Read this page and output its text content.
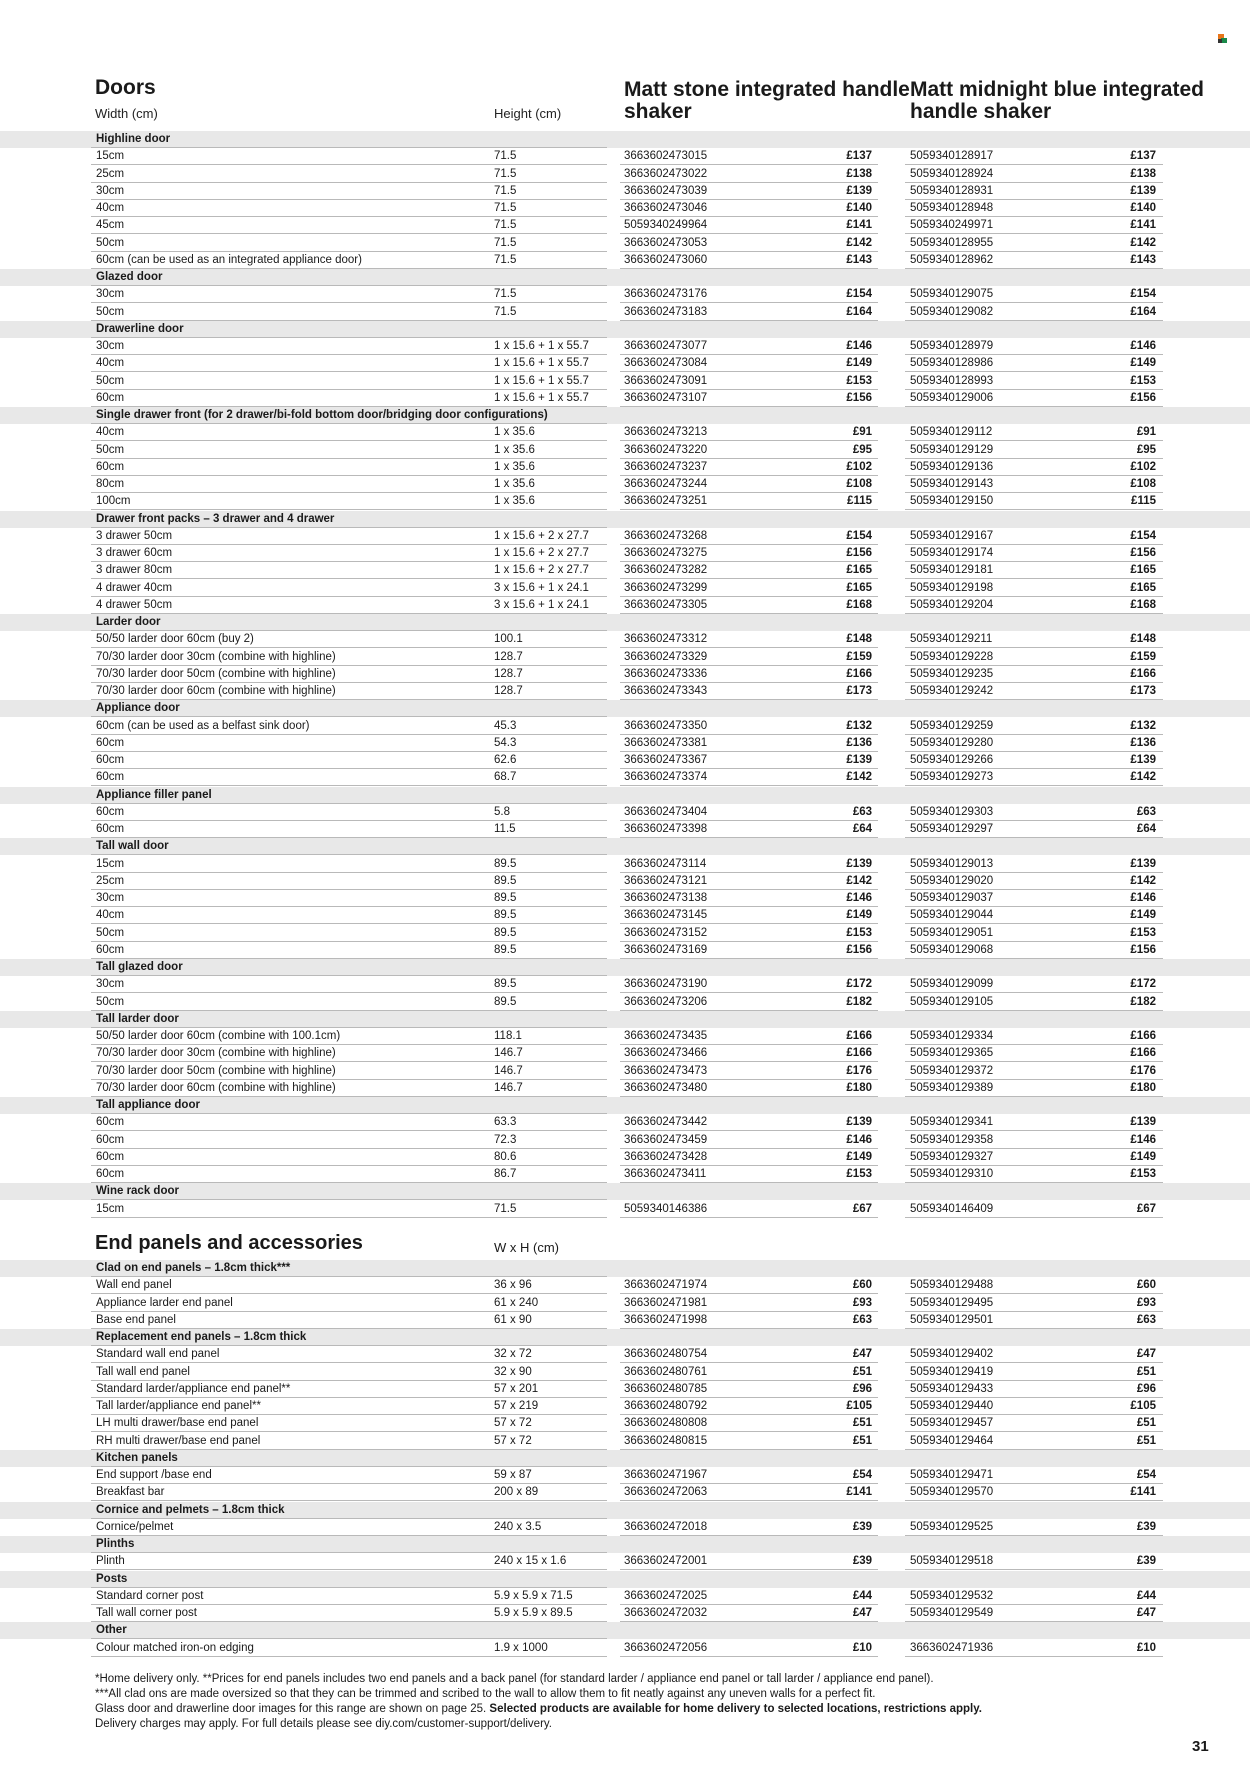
Doors
Width (cm)	Height (cm)
Matt stone integrated handle shaker
Matt midnight blue integrated handle shaker
Highline door
15cm	71.5	3663602473015	£137	5059340128917	£137
25cm	71.5	3663602473022	£138	5059340128924	£138
30cm	71.5	3663602473039	£139	5059340128931	£139
40cm	71.5	3663602473046	£140	5059340128948	£140
45cm	71.5	5059340249964	£141	5059340249971	£141
50cm	71.5	3663602473053	£142	5059340128955	£142
60cm (can be used as an integrated appliance door)	71.5	3663602473060	£143	5059340128962	£143
Glazed door
30cm	71.5	3663602473176	£154	5059340129075	£154
50cm	71.5	3663602473183	£164	5059340129082	£164
Drawerline door
30cm	1 x 15.6 + 1 x 55.7	3663602473077	£146	5059340128979	£146
40cm	1 x 15.6 + 1 x 55.7	3663602473084	£149	5059340128986	£149
50cm	1 x 15.6 + 1 x 55.7	3663602473091	£153	5059340128993	£153
60cm	1 x 15.6 + 1 x 55.7	3663602473107	£156	5059340129006	£156
Single drawer front (for 2 drawer/bi-fold bottom door/bridging door configurations)
40cm	1 x 35.6	3663602473213	£91	5059340129112	£91
50cm	1 x 35.6	3663602473220	£95	5059340129129	£95
60cm	1 x 35.6	3663602473237	£102	5059340129136	£102
80cm	1 x 35.6	3663602473244	£108	5059340129143	£108
100cm	1 x 35.6	3663602473251	£115	5059340129150	£115
Drawer front packs – 3 drawer and 4 drawer
3 drawer 50cm	1 x 15.6 + 2 x 27.7	3663602473268	£154	5059340129167	£154
3 drawer 60cm	1 x 15.6 + 2 x 27.7	3663602473275	£156	5059340129174	£156
3 drawer 80cm	1 x 15.6 + 2 x 27.7	3663602473282	£165	5059340129181	£165
4 drawer 40cm	3 x 15.6 + 1 x 24.1	3663602473299	£165	5059340129198	£165
4 drawer 50cm	3 x 15.6 + 1 x 24.1	3663602473305	£168	5059340129204	£168
Larder door
50/50 larder door 60cm (buy 2)	100.1	3663602473312	£148	5059340129211	£148
70/30 larder door 30cm (combine with highline)	128.7	3663602473329	£159	5059340129228	£159
70/30 larder door 50cm (combine with highline)	128.7	3663602473336	£166	5059340129235	£166
70/30 larder door 60cm (combine with highline)	128.7	3663602473343	£173	5059340129242	£173
Appliance door
60cm (can be used as a belfast sink door)	45.3	3663602473350	£132	5059340129259	£132
60cm	54.3	3663602473381	£136	5059340129280	£136
60cm	62.6	3663602473367	£139	5059340129266	£139
60cm	68.7	3663602473374	£142	5059340129273	£142
Appliance filler panel
60cm	5.8	3663602473404	£63	5059340129303	£63
60cm	11.5	3663602473398	£64	5059340129297	£64
Tall wall door
15cm	89.5	3663602473114	£139	5059340129013	£139
25cm	89.5	3663602473121	£142	5059340129020	£142
30cm	89.5	3663602473138	£146	5059340129037	£146
40cm	89.5	3663602473145	£149	5059340129044	£149
50cm	89.5	3663602473152	£153	5059340129051	£153
60cm	89.5	3663602473169	£156	5059340129068	£156
Tall glazed door
30cm	89.5	3663602473190	£172	5059340129099	£172
50cm	89.5	3663602473206	£182	5059340129105	£182
Tall larder door
50/50 larder door 60cm (combine with 100.1cm)	118.1	3663602473435	£166	5059340129334	£166
70/30 larder door 30cm (combine with highline)	146.7	3663602473466	£166	5059340129365	£166
70/30 larder door 50cm (combine with highline)	146.7	3663602473473	£176	5059340129372	£176
70/30 larder door 60cm (combine with highline)	146.7	3663602473480	£180	5059340129389	£180
Tall appliance door
60cm	63.3	3663602473442	£139	5059340129341	£139
60cm	72.3	3663602473459	£146	5059340129358	£146
60cm	80.6	3663602473428	£149	5059340129327	£149
60cm	86.7	3663602473411	£153	5059340129310	£153
Wine rack door
15cm	71.5	5059340146386	£67	5059340146409	£67
Clad on end panels – 1.8cm thick***
Wall end panel	36 x 96	3663602471974	£60	5059340129488	£60
Appliance larder end panel	61 x 240	3663602471981	£93	5059340129495	£93
Base end panel	61 x 90	3663602471998	£63	5059340129501	£63
Replacement end panels – 1.8cm thick
Standard wall end panel	32 x 72	3663602480754	£47	5059340129402	£47
Tall wall end panel	32 x 90	3663602480761	£51	5059340129419	£51
Standard larder/appliance end panel**	57 x 201	3663602480785	£96	5059340129433	£96
Tall larder/appliance end panel**	57 x 219	3663602480792	£105	5059340129440	£105
LH multi drawer/base end panel	57 x 72	3663602480808	£51	5059340129457	£51
RH multi drawer/base end panel	57 x 72	3663602480815	£51	5059340129464	£51
Kitchen panels
End support /base end	59 x 87	3663602471967	£54	5059340129471	£54
Breakfast bar	200 x 89	3663602472063	£141	5059340129570	£141
Cornice and pelmets – 1.8cm thick
Cornice/pelmet	240 x 3.5	3663602472018	£39	5059340129525	£39
Plinths
Plinth	240 x 15 x 1.6	3663602472001	£39	5059340129518	£39
Posts
Standard corner post	5.9 x 5.9 x 71.5	3663602472025	£44	5059340129532	£44
Tall wall corner post	5.9 x 5.9 x 89.5	3663602472032	£47	5059340129549	£47
Other
Colour matched iron-on edging	1.9 x 1000	3663602472056	£10	3663602471936	£10
End panels and accessories	W x H (cm)
*Home delivery only. **Prices for end panels includes two end panels and a back panel (for standard larder / appliance end panel or tall larder / appliance end panel).
***All clad ons are made oversized so that they can be trimmed and scribed to the wall to allow them to fit neatly against any uneven walls for a perfect fit.
Glass door and drawerline door images for this range are shown on page 25. Selected products are available for home delivery to selected locations, restrictions apply.
Delivery charges may apply. For full details please see diy.com/customer-support/delivery.
31
